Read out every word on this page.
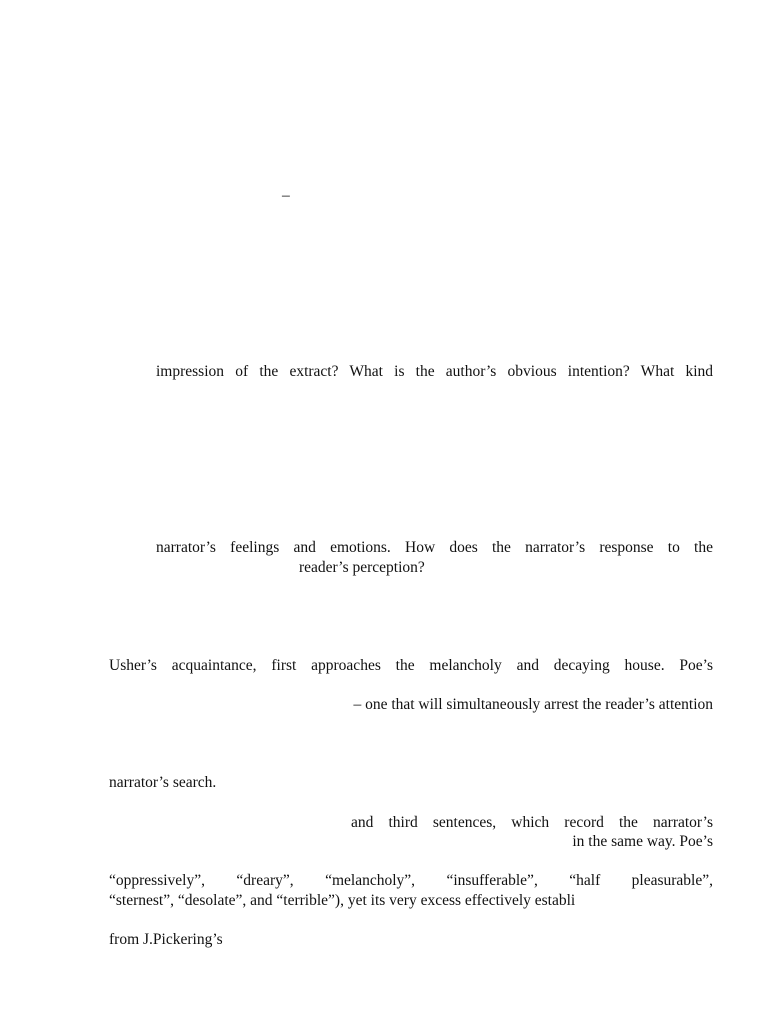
–
impression of the extract? What is the author’s obvious intention? What kind
narrator’s feelings and emotions. How does the narrator’s response to the
reader’s perception?
Usher’s acquaintance, first approaches the melancholy and decaying house. Poe’s
– one that will simultaneously arrest the reader’s attention
narrator’s search.
and third sentences, which record the narrator’s
in the same way. Poe’s
“oppressively”, “dreary”, “melancholy”, “insufferable”, “half pleasurable”,
“sternest”, “desolate”, and “terrible”), yet its very excess effectively establi
from J.Pickering’s
